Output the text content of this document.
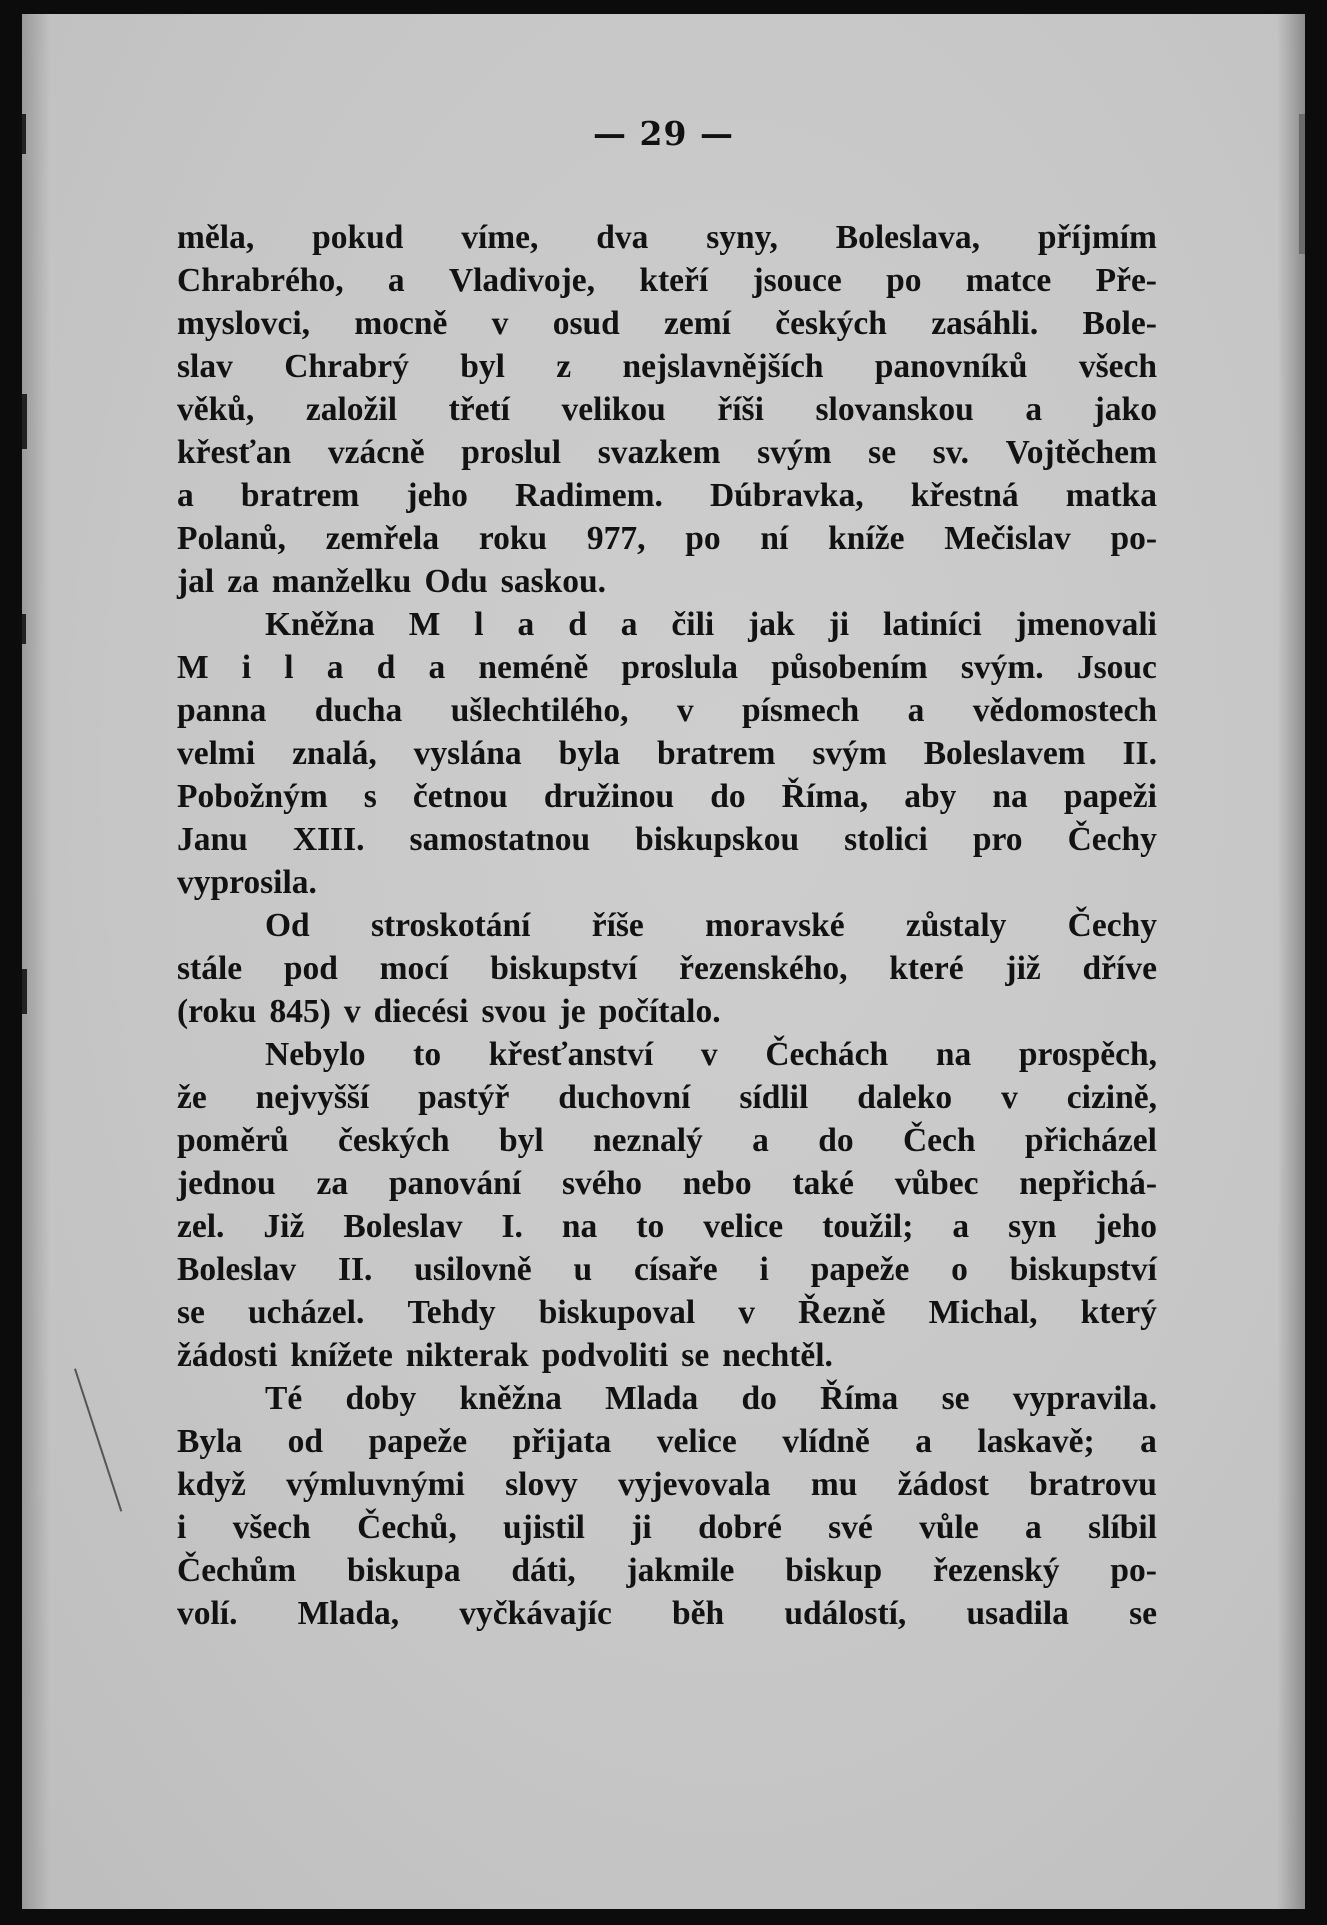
— 29 —
měla, pokud víme, dva syny, Boleslava, příjmím
Chrabrého, a Vladivoje, kteří jsouce po matce Pře-
myslovci, mocně v osud zemí českých zasáhli. Bole-
slav Chrabrý byl z nejslavnějších panovníků všech
věků, založil třetí velikou říši slovanskou a jako
křesťan vzácně proslul svazkem svým se sv. Vojtěchem
a bratrem jeho Radimem. Dúbravka, křestná matka
Polanů, zemřela roku 977, po ní kníže Mečislav po-
jal za manželku Odu saskou.
Kněžna M l a d a čili jak ji latiníci jmenovali
M i l a d a neméně proslula působením svým. Jsouc
panna ducha ušlechtilého, v písmech a vědomostech
velmi znalá, vyslána byla bratrem svým Boleslavem II.
Pobožným s četnou družinou do Říma, aby na papeži
Janu XIII. samostatnou biskupskou stolici pro Čechy
vyprosila.
Od stroskotání říše moravské zůstaly Čechy
stále pod mocí biskupství řezenského, které již dříve
(roku 845) v diecési svou je počítalo.
Nebylo to křesťanství v Čechách na prospěch,
že nejvyšší pastýř duchovní sídlil daleko v cizině,
poměrů českých byl neznalý a do Čech přicházel
jednou za panování svého nebo také vůbec nepřichá-
zel. Již Boleslav I. na to velice toužil; a syn jeho
Boleslav II. usilovně u císaře i papeže o biskupství
se ucházel. Tehdy biskupoval v Řezně Michal, který
žádosti knížete nikterak podvoliti se nechtěl.
Té doby kněžna Mlada do Říma se vypravila.
Byla od papeže přijata velice vlídně a laskavě; a
když výmluvnými slovy vyjevovala mu žádost bratrovu
i všech Čechů, ujistil ji dobré své vůle a slíbil
Čechům biskupa dáti, jakmile biskup řezenský po-
volí. Mlada, vyčkávajíc běh událostí, usadila se
